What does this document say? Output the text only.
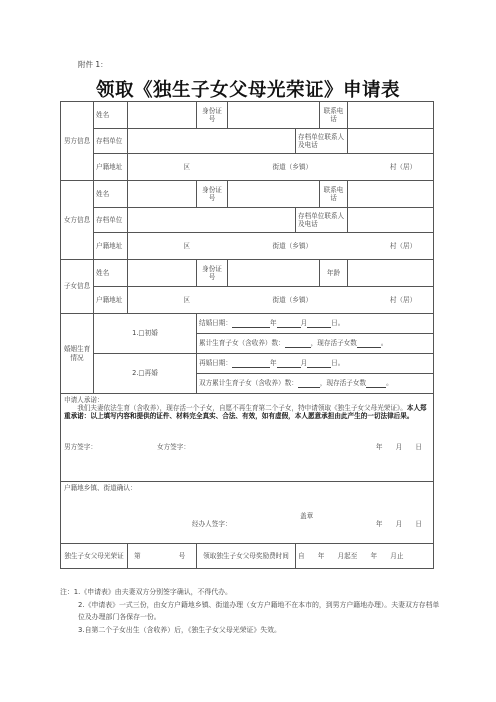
附件 1：
领取《独生子女父母光荣证》申请表
男方信息	姓名		身份证号			联系电话	
	存档单位				存档单位联系人及电话		
	户籍地址	区 街道（乡镇） 村（居）					
女方信息	姓名		身份证号			联系电话	
	存档单位				存档单位联系人及电话		
	户籍地址	区 街道（乡镇） 村（居）					
子女信息	姓名		身份证号			年龄	
	户籍地址	区 街道（乡镇） 村（居）					
婚姻生育情况	1.□初婚		结婚日期： 年 月 日。				
			累计生育子女（含收养）数： ，现存活子女数 。				
	2.□再婚		再婚日期： 年 月 日。				
			双方累计生育子女（含收养）数： ，现存活子女数 。				

申请人承诺：
我们夫妻依法生育（含收养），现存活一个子女，自愿不再生育第二个子女，特申请领取《独生子女父母光荣证》。本人郑重承诺：以上填写内容和提供的证件、材料完全真实、合法、有效，如有虚假，本人愿意承担由此产生的一切法律后果。
男方签字： 女方签字： 年　　月　　日							

户籍地乡镇、街道确认：
盖章
经办人签字： 年　　月　　日							

独生子女父母光荣证		第 号	领取独生子女父母奖励费时间		自　　年　　月起至　　年　　月止		
注：1.《申请表》由夫妻双方分别签字确认，不得代办。
2.《申请表》一式三份，由女方户籍地乡镇、街道办理（女方户籍地不在本市的，到男方户籍地办理）。夫妻双方存档单位及办理部门各保存一份。
3.自第二个子女出生（含收养）后，《独生子女父母光荣证》失效。
